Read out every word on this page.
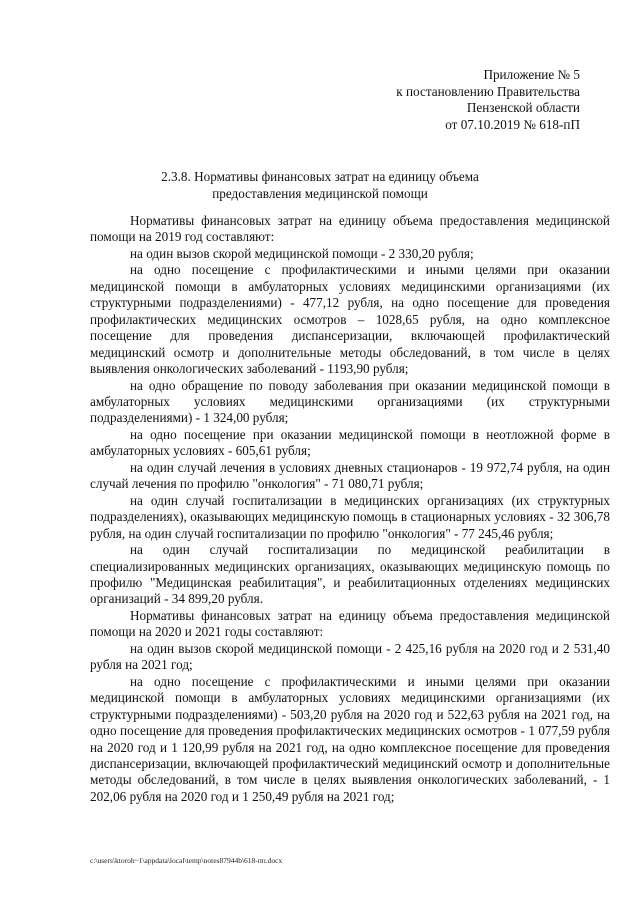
Приложение № 5
к постановлению Правительства
Пензенской области
от 07.10.2019 № 618-пП
2.3.8. Нормативы финансовых затрат на единицу объема
предоставления медицинской помощи

Нормативы финансовых затрат на единицу объема предоставления медицинской помощи на 2019 год составляют:

на один вызов скорой медицинской помощи - 2 330,20 рубля;

на одно посещение с профилактическими и иными целями при оказании медицинской помощи в амбулаторных условиях медицинскими организациями (их структурными подразделениями) - 477,12 рубля, на одно посещение для проведения профилактических медицинских осмотров – 1028,65 рубля, на одно комплексное посещение для проведения диспансеризации, включающей профилактический медицинский осмотр и дополнительные методы обследований, в том числе в целях выявления онкологических заболеваний - 1193,90 рубля;

на одно обращение по поводу заболевания при оказании медицинской помощи в амбулаторных условиях медицинскими организациями (их структурными подразделениями) - 1 324,00 рубля;

на одно посещение при оказании медицинской помощи в неотложной форме в амбулаторных условиях - 605,61 рубля;

на один случай лечения в условиях дневных стационаров - 19 972,74 рубля, на один случай лечения по профилю "онкология" - 71 080,71 рубля;

на один случай госпитализации в медицинских организациях (их структурных подразделениях), оказывающих медицинскую помощь в стационарных условиях - 32 306,78 рубля, на один случай госпитализации по профилю "онкология" - 77 245,46 рубля;

на один случай госпитализации по медицинской реабилитации в специализированных медицинских организациях, оказывающих медицинскую помощь по профилю "Медицинская реабилитация", и реабилитационных отделениях медицинских организаций - 34 899,20 рубля.

Нормативы финансовых затрат на единицу объема предоставления медицинской помощи на 2020 и 2021 годы составляют:

на один вызов скорой медицинской помощи - 2 425,16 рубля на 2020 год и 2 531,40 рубля на 2021 год;

на одно посещение с профилактическими и иными целями при оказании медицинской помощи в амбулаторных условиях медицинскими организациями (их структурными подразделениями) - 503,20 рубля на 2020 год и 522,63 рубля на 2021 год, на одно посещение для проведения профилактических медицинских осмотров - 1 077,59 рубля на 2020 год и 1 120,99 рубля на 2021 год, на одно комплексное посещение для проведения диспансеризации, включающей профилактический медицинский осмотр и дополнительные методы обследований, в том числе в целях выявления онкологических заболеваний, - 1 202,06 рубля на 2020 год и 1 250,49 рубля на 2021 год;

c:\users\ktoroh~1\appdata\local\temp\notes87944b\618-пп.docx
